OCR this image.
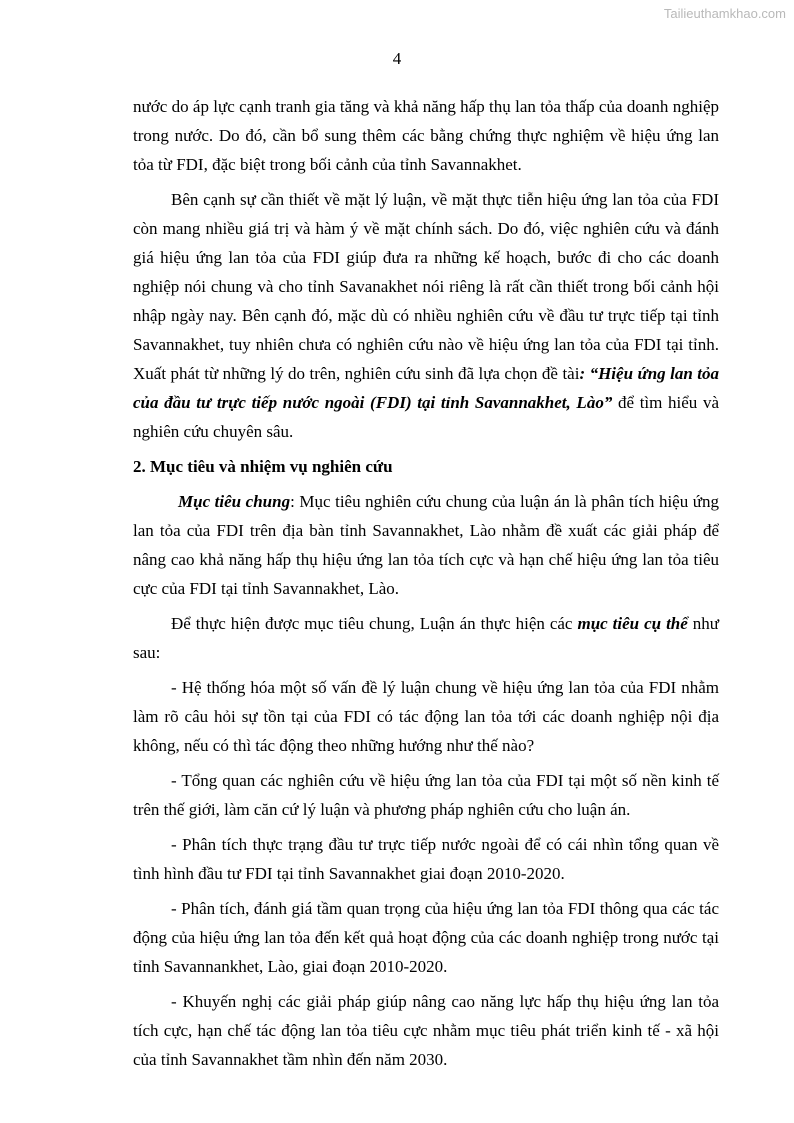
Tailieuthamkhao.com
4

nước do áp lực cạnh tranh gia tăng và khả năng hấp thụ lan tỏa thấp của doanh nghiệp trong nước. Do đó, cần bổ sung thêm các bằng chứng thực nghiệm về hiệu ứng lan tỏa từ FDI, đặc biệt trong bối cảnh của tỉnh Savannakhet.

Bên cạnh sự cần thiết về mặt lý luận, về mặt thực tiễn hiệu ứng lan tỏa của FDI còn mang nhiều giá trị và hàm ý về mặt chính sách. Do đó, việc nghiên cứu và đánh giá hiệu ứng lan tỏa của FDI giúp đưa ra những kế hoạch, bước đi cho các doanh nghiệp nói chung và cho tỉnh Savanakhet nói riêng là rất cần thiết trong bối cảnh hội nhập ngày nay. Bên cạnh đó, mặc dù có nhiều nghiên cứu về đầu tư trực tiếp tại tỉnh Savannakhet, tuy nhiên chưa có nghiên cứu nào về hiệu ứng lan tỏa của FDI tại tỉnh. Xuất phát từ những lý do trên, nghiên cứu sinh đã lựa chọn đề tài: “Hiệu ứng lan tỏa của đầu tư trực tiếp nước ngoài (FDI) tại tỉnh Savannakhet, Lào” để tìm hiểu và nghiên cứu chuyên sâu.

2. Mục tiêu và nhiệm vụ nghiên cứu

Mục tiêu chung: Mục tiêu nghiên cứu chung của luận án là phân tích hiệu ứng lan tỏa của FDI trên địa bàn tỉnh Savannakhet, Lào nhằm đề xuất các giải pháp để nâng cao khả năng hấp thụ hiệu ứng lan tỏa tích cực và hạn chế hiệu ứng lan tỏa tiêu cực của FDI tại tỉnh Savannakhet, Lào.

Để thực hiện được mục tiêu chung, Luận án thực hiện các mục tiêu cụ thể như sau:

- Hệ thống hóa một số vấn đề lý luận chung về hiệu ứng lan tỏa của FDI nhằm làm rõ câu hỏi sự tồn tại của FDI có tác động lan tỏa tới các doanh nghiệp nội địa không, nếu có thì tác động theo những hướng như thế nào?

- Tổng quan các nghiên cứu về hiệu ứng lan tỏa của FDI tại một số nền kinh tế trên thế giới, làm căn cứ lý luận và phương pháp nghiên cứu cho luận án.

- Phân tích thực trạng đầu tư trực tiếp nước ngoài để có cái nhìn tổng quan về tình hình đầu tư FDI tại tỉnh Savannakhet giai đoạn 2010-2020.

- Phân tích, đánh giá tầm quan trọng của hiệu ứng lan tỏa FDI thông qua các tác động của hiệu ứng lan tỏa đến kết quả hoạt động của các doanh nghiệp trong nước tại tỉnh Savannankhet, Lào, giai đoạn 2010-2020.

- Khuyến nghị các giải pháp giúp nâng cao năng lực hấp thụ hiệu ứng lan tỏa tích cực, hạn chế tác động lan tỏa tiêu cực nhằm mục tiêu phát triển kinh tế - xã hội của tỉnh Savannakhet tầm nhìn đến năm 2030.
